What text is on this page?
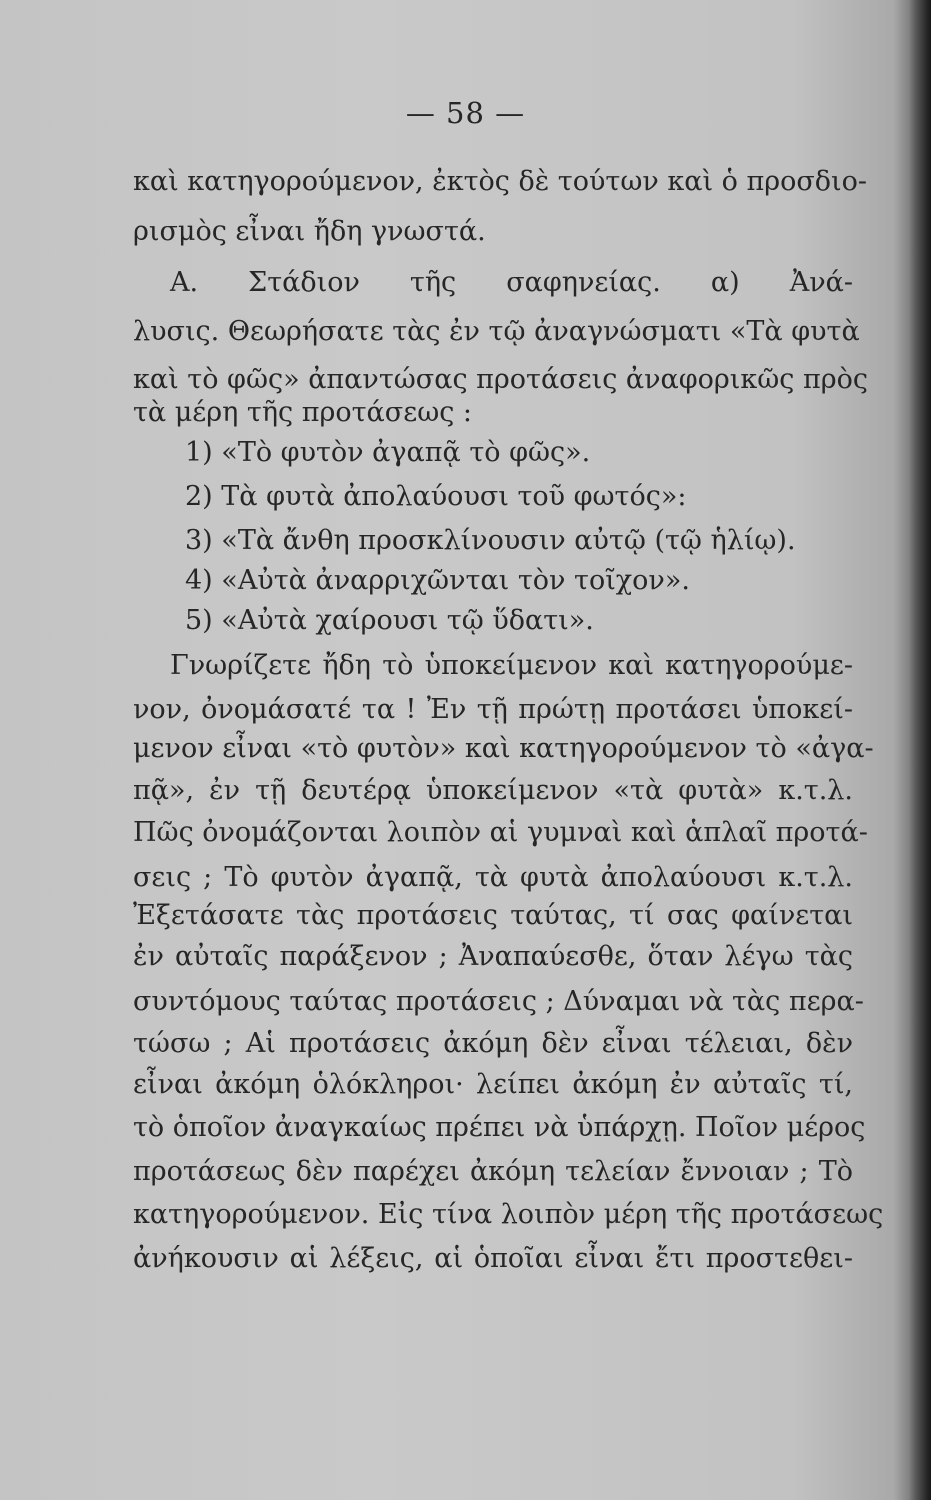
— 58 —
καὶ κατηγορούμενον, ἐκτὸς δὲ τούτων καὶ ὁ προσδιο-
ρισμὸς εἶναι ἤδη γνωστά.
Α. Στάδιον τῆς σαφηνείας. α) Ἀνά-
λυσις. Θεωρήσατε τὰς ἐν τῷ ἀναγνώσματι «Τὰ φυτὰ
καὶ τὸ φῶς» ἀπαντώσας προτάσεις ἀναφορικῶς πρὸς
τὰ μέρη τῆς προτάσεως :
1) «Τὸ φυτὸν ἀγαπᾷ τὸ φῶς».
2) Τὰ φυτὰ ἀπολαύουσι τοῦ φωτός»:
3) «Τὰ ἄνθη προσκλίνουσιν αὐτῷ (τῷ ἡλίῳ).
4) «Αὐτὰ ἀναρριχῶνται τὸν τοῖχον».
5) «Αὐτὰ χαίρουσι τῷ ὕδατι».
Γνωρίζετε ἤδη τὸ ὑποκείμενον καὶ κατηγορούμε-
νον, ὀνομάσατέ τα ! Ἐν τῇ πρώτῃ προτάσει ὑποκεί-
μενον εἶναι «τὸ φυτὸν» καὶ κατηγορούμενον τὸ «ἀγα-
πᾷ», ἐν τῇ δευτέρᾳ ὑποκείμενον «τὰ φυτὰ» κ.τ.λ.
Πῶς ὀνομάζονται λοιπὸν αἱ γυμναὶ καὶ ἁπλαῖ προτά-
σεις ; Τὸ φυτὸν ἀγαπᾷ, τὰ φυτὰ ἀπολαύουσι κ.τ.λ.
Ἐξετάσατε τὰς προτάσεις ταύτας, τί σας φαίνεται
ἐν αὐταῖς παράξενον ; Ἀναπαύεσθε, ὅταν λέγω τὰς
συντόμους ταύτας προτάσεις ; Δύναμαι νὰ τὰς περα-
τώσω ; Αἱ προτάσεις ἀκόμη δὲν εἶναι τέλειαι, δὲν
εἶναι ἀκόμη ὁλόκληροι· λείπει ἀκόμη ἐν αὐταῖς τί,
τὸ ὁποῖον ἀναγκαίως πρέπει νὰ ὑπάρχῃ. Ποῖον μέρος
προτάσεως δὲν παρέχει ἀκόμη τελείαν ἔννοιαν ; Τὸ
κατηγορούμενον. Εἰς τίνα λοιπὸν μέρη τῆς προτάσεως
ἀνήκουσιν αἱ λέξεις, αἱ ὁποῖαι εἶναι ἔτι προστεθει-
